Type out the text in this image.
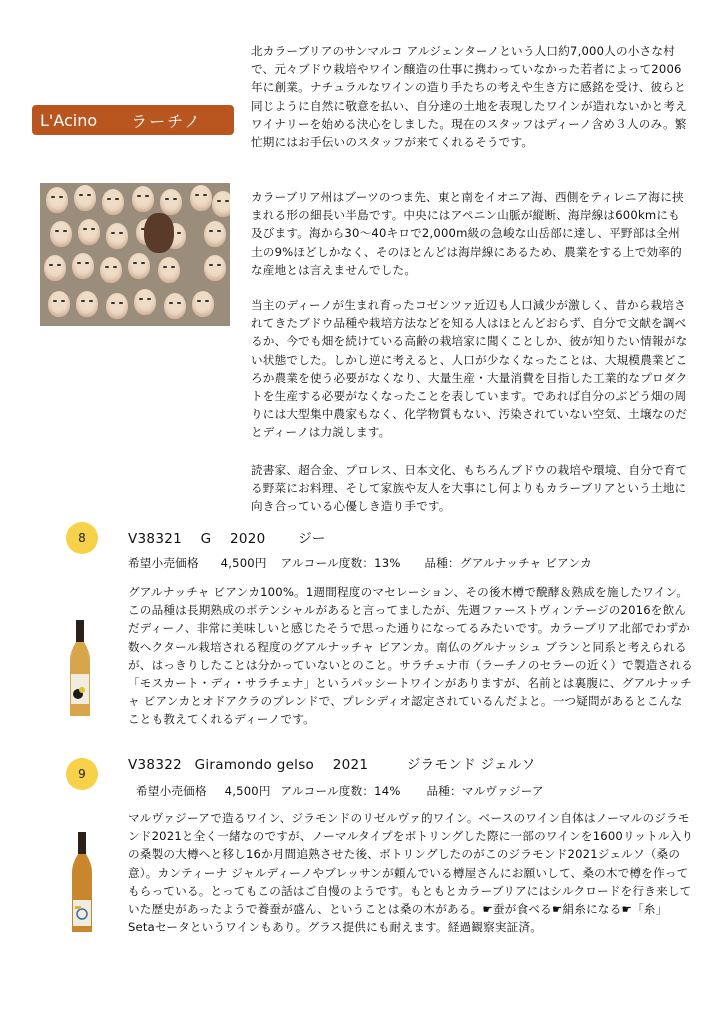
L'Acino ラーチノ
北カラーブリアのサンマルコ アルジェンターノという人口約7,000人の小さな村で、元々ブドウ栽培やワイン醸造の仕事に携わっていなかった若者によって2006年に創業。ナチュラルなワインの造り手たちの考えや生き方に感銘を受け、彼らと同じように自然に敬意を払い、自分達の土地を表現したワインが造れないかと考えワイナリーを始める決心をしました。現在のスタッフはディーノ含め３人のみ。繁忙期にはお手伝いのスタッフが来てくれるそうです。
カラーブリア州はブーツのつま先、東と南をイオニア海、西側をティレニア海に挟まれる形の細長い半島です。中央にはアペニン山脈が縦断、海岸線は600kmにも及びます。海から30～40キロで2,000m級の急峻な山岳部に達し、平野部は全州土の9%ほどしかなく、そのほとんどは海岸線にあるため、農業をする上で効率的な産地とは言えませんでした。
当主のディーノが生まれ育ったコゼンツァ近辺も人口減少が激しく、昔から栽培されてきたブドウ品種や栽培方法などを知る人はほとんどおらず、自分で文献を調べるか、今でも畑を続けている高齢の栽培家に聞くことしか、彼が知りたい情報がない状態でした。しかし逆に考えると、人口が少なくなったことは、大規模農業どころか農業を使う必要がなくなり、大量生産・大量消費を目指した工業的なプロダクトを生産する必要がなくなったことを表しています。であれば自分のぶどう畑の周りには大型集中農家もなく、化学物質もない、汚染されていない空気、土壌なのだとディーノは力説します。
読書家、超合金、プロレス、日本文化、もちろんブドウの栽培や環境、自分で育てる野菜にお料理、そして家族や友人を大事にし何よりもカラーブリアという土地に向き合っている心優しき造り手です。
8	V38321 G 2020 ジー
希望小売価格 4,500円 アルコール度数：13% 品種：グアルナッチャ ビアンカ
グアルナッチャ ビアンカ100%。1週間程度のマセレーション、その後木樽で醗酵＆熟成を施したワイン。この品種は長期熟成のポテンシャルがあると言ってましたが、先週ファーストヴィンテージの2016を飲んだディーノ、非常に美味しいと感じたそうで思った通りになってるみたいです。カラーブリア北部でわずか数ヘクタール栽培される程度のグアルナッチャ ビアンカ。南仏のグルナッシュ ブランと同系と考えられるが、はっきりしたことは分かっていないとのこと。サラチェナ市（ラーチノのセラーの近く）で製造される「モスカート・ディ・サラチェナ」というパッシートワインがありますが、名前とは裏腹に、グアルナッチャ ビアンカとオドアクラのブレンドで、プレシディオ認定されているんだよと。一つ疑問があるとこんなことも教えてくれるディーノです。
9
V38322 Giramondo gelso 2021	ジラモンド ジェルソ
希望小売価格 4,500円 アルコール度数：14% 品種：マルヴァジーア
マルヴァジーアで造るワイン、ジラモンドのリゼルヴァ的ワイン。ベースのワイン自体はノーマルのジラモンド2021と全く一緒なのですが、ノーマルタイプをボトリングした際に一部のワインを1600リットル入りの桑製の大樽へと移し16か月間追熟させた後、ボトリングしたのがこのジラモンド2021ジェルソ（桑の意）。カンティーナ ジャルディーノやブレッサンが頼んでいる樽屋さんにお願いして、桑の木で樽を作ってもらっている。とってもこの話はご自慢のようです。もともとカラーブリアにはシルクロードを行き来していた歴史があったようで養蚕が盛ん、ということは桑の木がある。☛蚕が食べる☛絹糸になる☛「糸」Setaセータというワインもあり。グラス提供にも耐えます。経過観察実証済。
